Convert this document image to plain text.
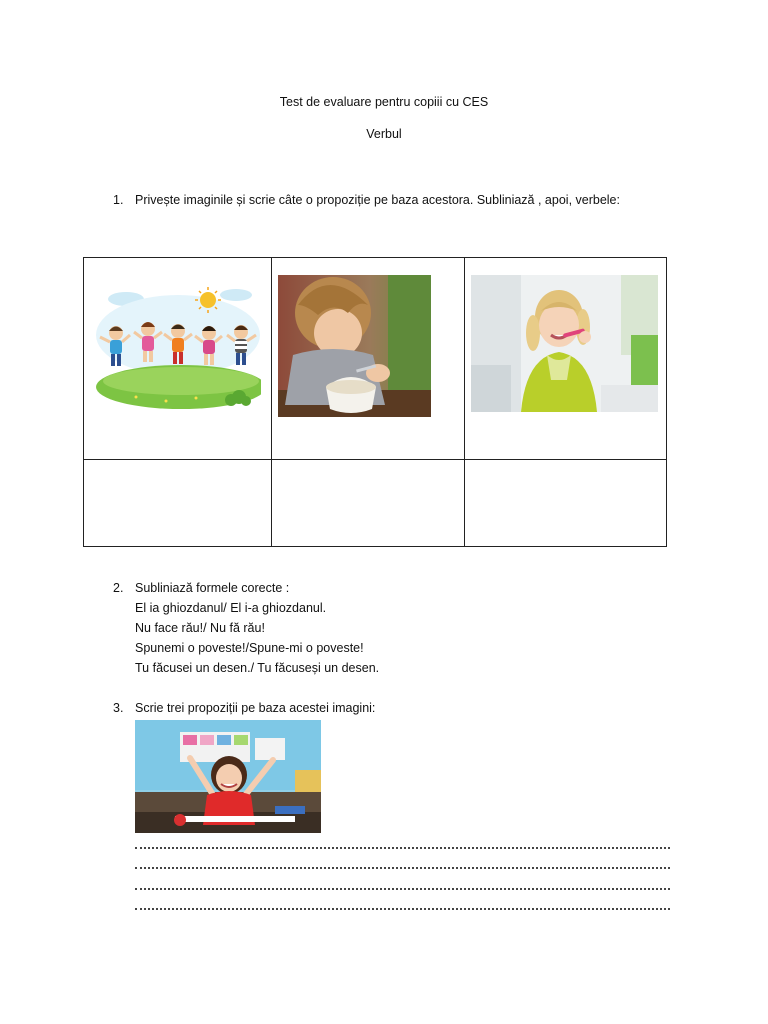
Test de evaluare pentru copiii cu CES
Verbul
1. Privește imaginile și scrie câte o propoziție pe baza acestora. Subliniază , apoi, verbele:

2. Subliniază formele corecte :
El ia ghiozdanul/ El i-a ghiozdanul.
Nu face rău!/ Nu fă rău!
Spunemi o poveste!/Spune-mi o poveste!
Tu făcusei un desen./ Tu făcuseși un desen.
3. Scrie trei propoziții pe baza acestei imagini:
